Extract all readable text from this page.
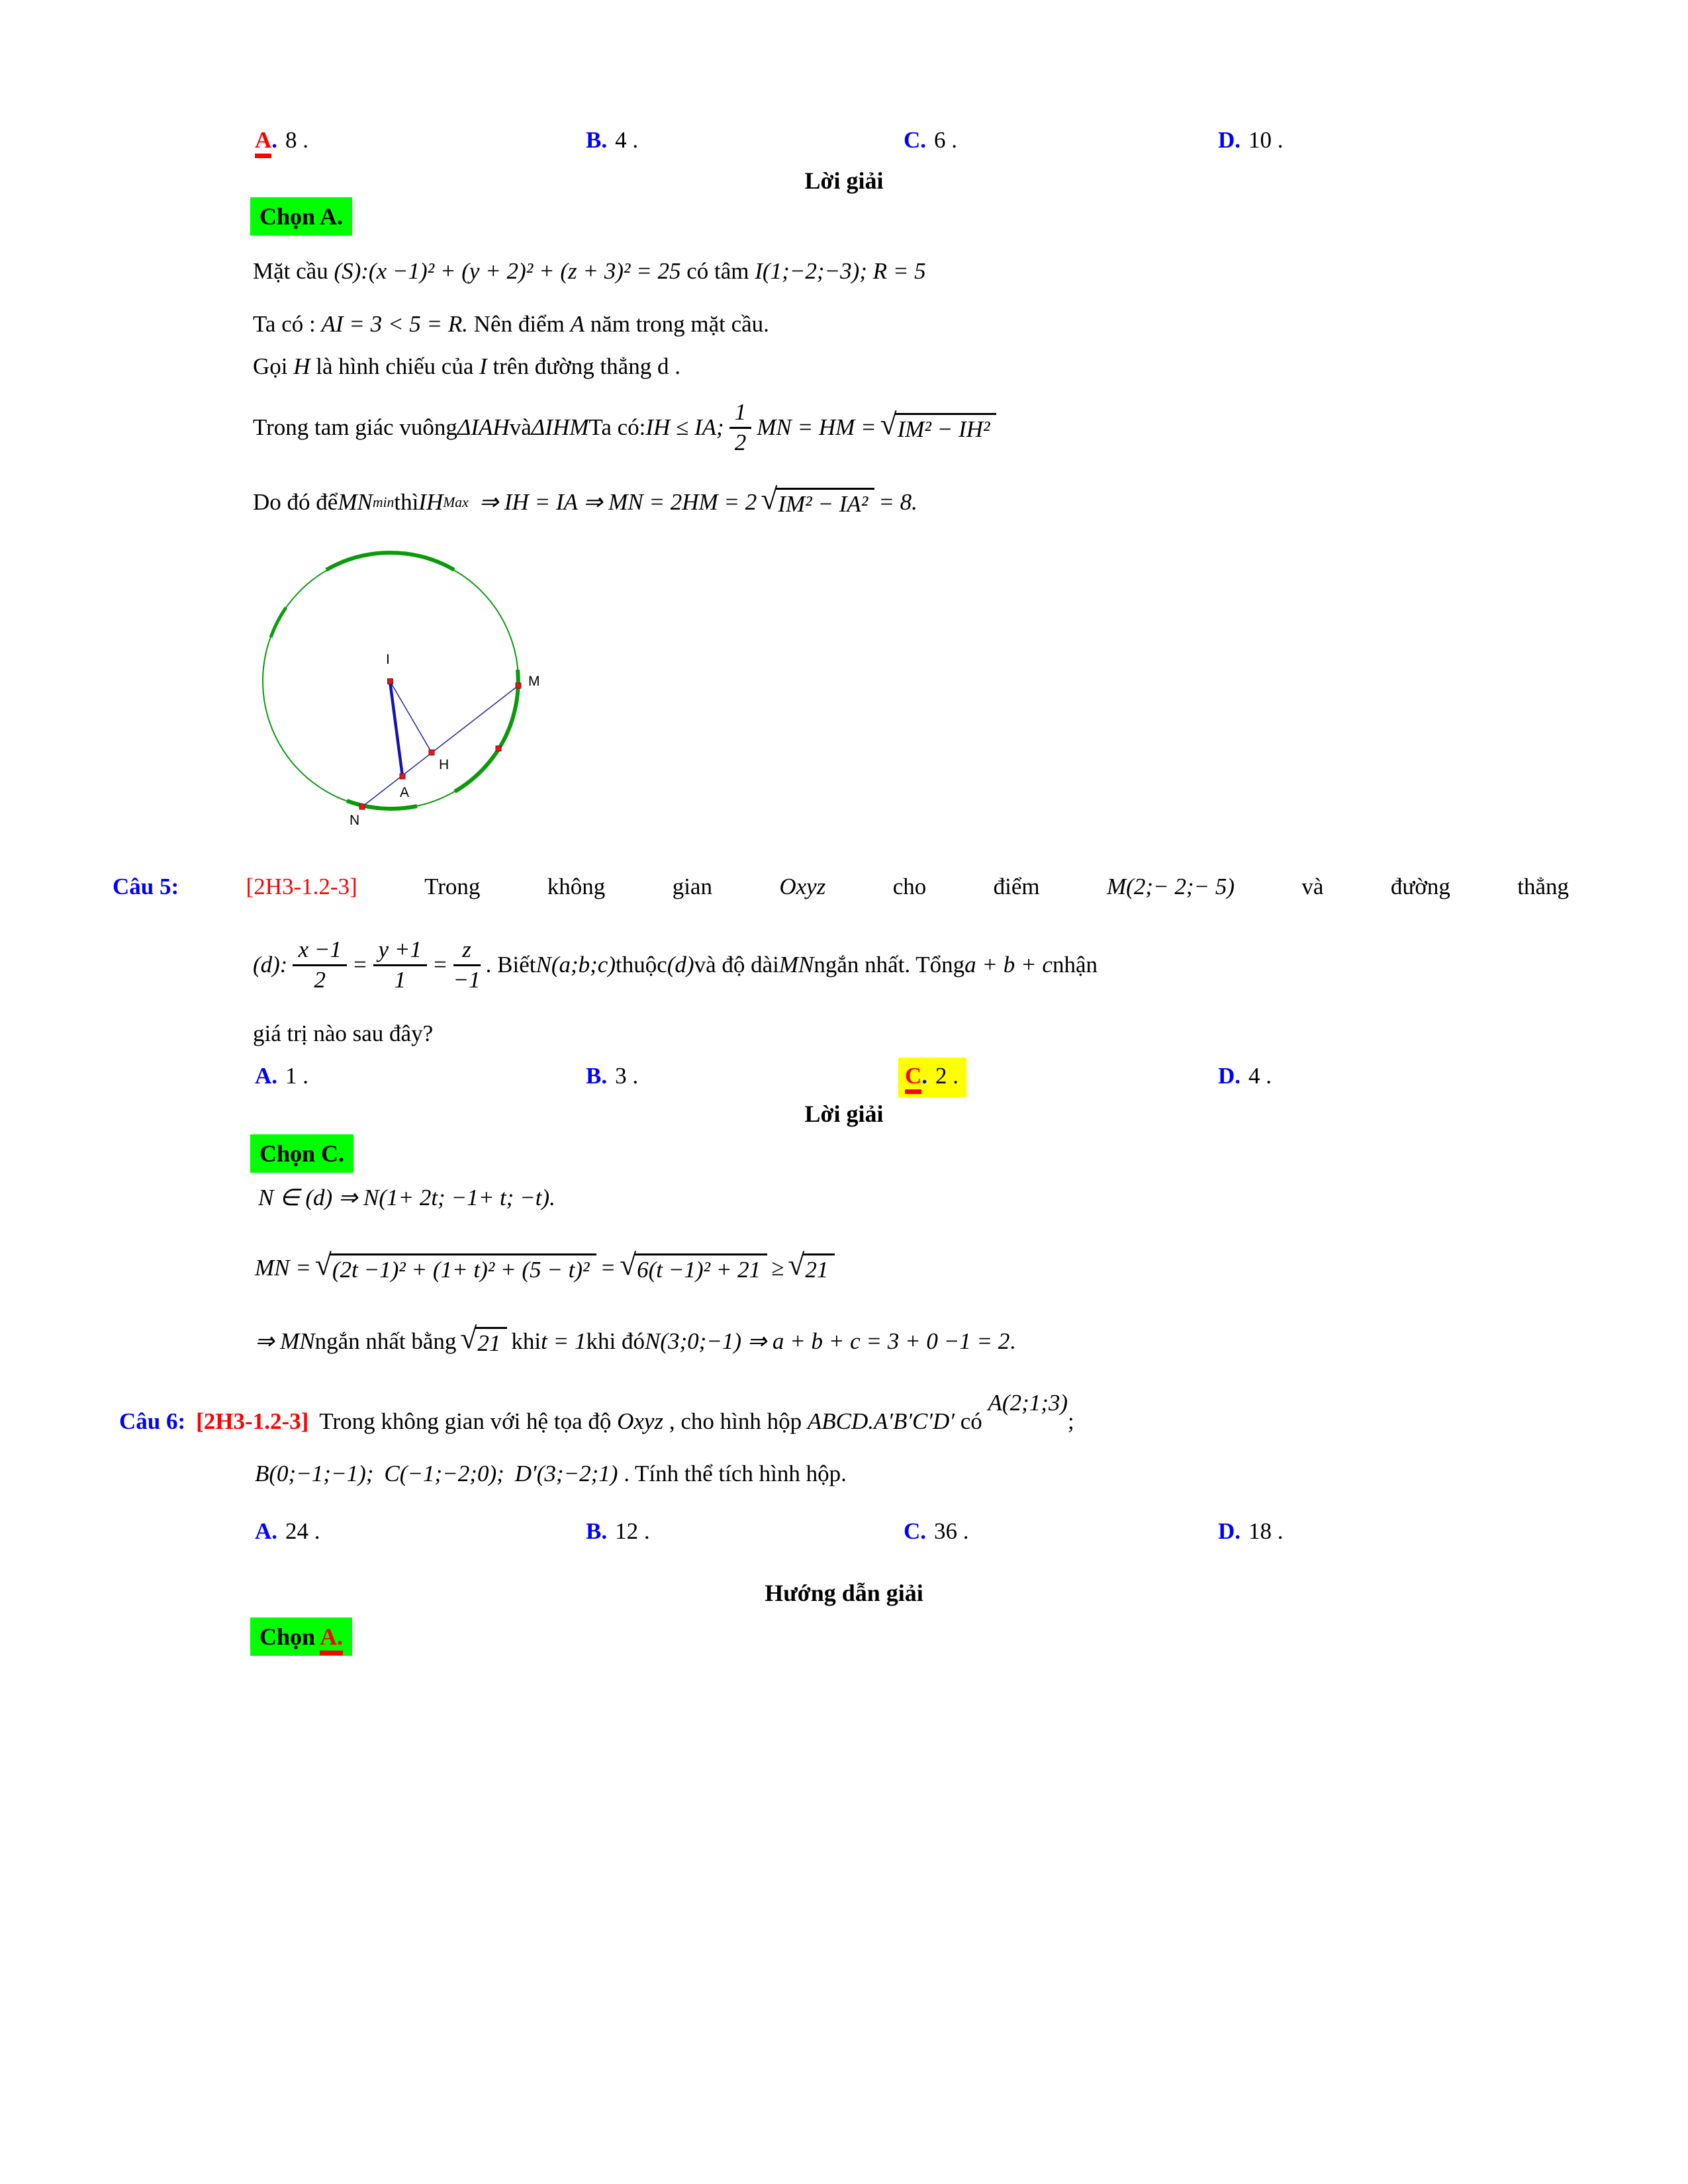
A. 8 .	B. 4 .	C. 6 .	D. 10 .
Lời giải
Chọn A.
Mặt cầu (S):(x −1)² + (y + 2)² + (z + 3)² = 25 có tâm I(1;−2;−3); R = 5
Ta có : AI = 3 < 5 = R. Nên điểm A năm trong mặt cầu.
Gọi H là hình chiếu của I trên đường thẳng d .
Trong tam giác vuông ΔIAH và ΔIHM Ta có: IH ≤ IA; $\frac{1}{2}$ MN = HM = √ IM² − IH²
Do đó để MN min thì IH Max ⇒ IH = IA ⇒ MN = 2HM = 2 √ IM² − IA² = 8.
I
M
H
A
N
Câu 5:	[2H3-1.2-3]	Trong	không	gian	Oxyz	cho	điểm	M(2;− 2;− 5)	và	đường	thẳng
(d): $\frac{x -1}{2} = \frac{y +1}{1} = \frac{z}{-1}$ . Biết N(a;b;c) thuộc (d) và độ dài MN ngắn nhất. Tổng a + b + c nhận
giá trị nào sau đây?
A. 1 .	B. 3 .	C. 2 .	D. 4 .
Lời giải
Chọn C.
N ∈ (d) ⇒ N(1+ 2t; −1+ t; −t).
MN = √ (2t −1)² + (1+ t)² + (5 − t)² = √ 6(t −1)² + 21 ≥ √ 21
⇒ MN ngắn nhất bằng √ 21 khi t = 1 khi đó N(3;0;−1) ⇒ a + b + c = 3 + 0 −1 = 2 .
Câu 6: [2H3-1.2-3] Trong không gian với hệ tọa độ Oxyz , cho hình hộp ABCD.A′B′C′D′ có A(2;1;3);
B(0;−1;−1); C(−1;−2;0); D′(3;−2;1) . Tính thể tích hình hộp.
A. 24 .	B. 12 .	C. 36 .	D. 18 .
Hướng dẫn giải
Chọn A.
